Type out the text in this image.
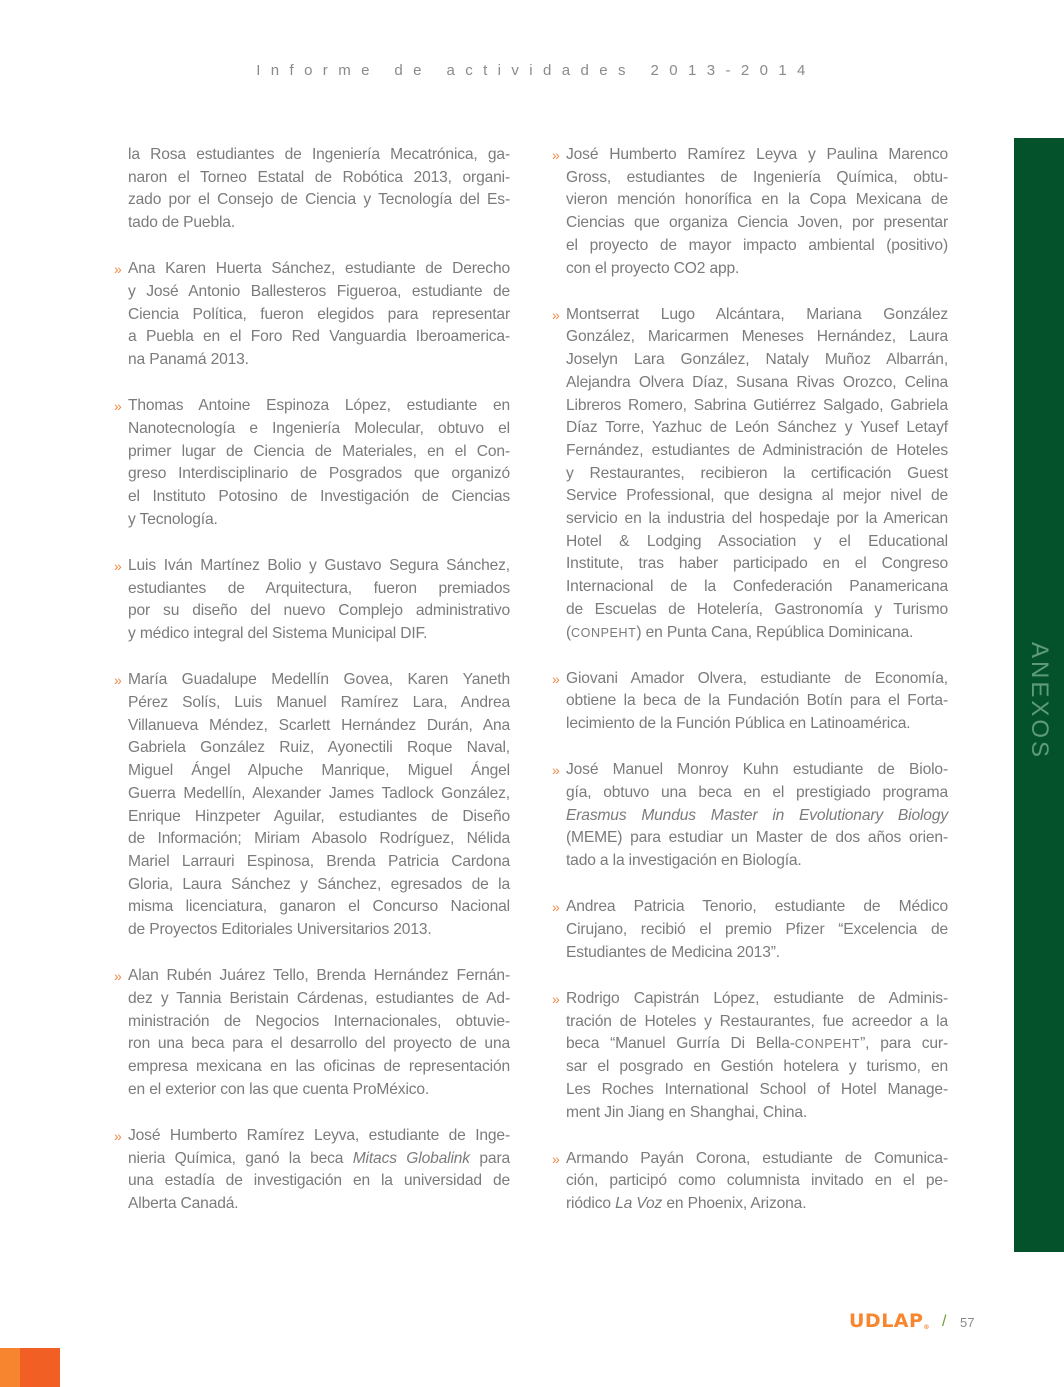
Informe de actividades 2013-2014
la Rosa estudiantes de Ingeniería Mecatrónica, ga-
naron el Torneo Estatal de Robótica 2013, organi-
zado por el Consejo de Ciencia y Tecnología del Es-
tado de Puebla.
» Ana Karen Huerta Sánchez, estudiante de Derecho
y José Antonio Ballesteros Figueroa, estudiante de
Ciencia Política, fueron elegidos para representar
a Puebla en el Foro Red Vanguardia Iberoamerica-
na Panamá 2013.
» Thomas Antoine Espinoza López, estudiante en
Nanotecnología e Ingeniería Molecular, obtuvo el
primer lugar de Ciencia de Materiales, en el Con-
greso Interdisciplinario de Posgrados que organizó
el Instituto Potosino de Investigación de Ciencias
y Tecnología.
» Luis Iván Martínez Bolio y Gustavo Segura Sánchez,
estudiantes de Arquitectura, fueron premiados
por su diseño del nuevo Complejo administrativo
y médico integral del Sistema Municipal DIF.
» María Guadalupe Medellín Govea, Karen Yaneth
Pérez Solís, Luis Manuel Ramírez Lara, Andrea
Villanueva Méndez, Scarlett Hernández Durán, Ana
Gabriela González Ruiz, Ayonectili Roque Naval,
Miguel Ángel Alpuche Manrique, Miguel Ángel
Guerra Medellín, Alexander James Tadlock González,
Enrique Hinzpeter Aguilar, estudiantes de Diseño
de Información; Miriam Abasolo Rodríguez, Nélida
Mariel Larrauri Espinosa, Brenda Patricia Cardona
Gloria, Laura Sánchez y Sánchez, egresados de la
misma licenciatura, ganaron el Concurso Nacional
de Proyectos Editoriales Universitarios 2013.
» Alan Rubén Juárez Tello, Brenda Hernández Fernán-
dez y Tannia Beristain Cárdenas, estudiantes de Ad-
ministración de Negocios Internacionales, obtuvie-
ron una beca para el desarrollo del proyecto de una
empresa mexicana en las oficinas de representación
en el exterior con las que cuenta ProMéxico.
» José Humberto Ramírez Leyva, estudiante de Inge-
nieria Química, ganó la beca Mitacs Globalink para
una estadía de investigación en la universidad de
Alberta Canadá.
» José Humberto Ramírez Leyva y Paulina Marenco
Gross, estudiantes de Ingeniería Química, obtu-
vieron mención honorífica en la Copa Mexicana de
Ciencias que organiza Ciencia Joven, por presentar
el proyecto de mayor impacto ambiental (positivo)
con el proyecto CO2 app.
» Montserrat Lugo Alcántara, Mariana González
González, Maricarmen Meneses Hernández, Laura
Joselyn Lara González, Nataly Muñoz Albarrán,
Alejandra Olvera Díaz, Susana Rivas Orozco, Celina
Libreros Romero, Sabrina Gutiérrez Salgado, Gabriela
Díaz Torre, Yazhuc de León Sánchez y Yusef Letayf
Fernández, estudiantes de Administración de Hoteles
y Restaurantes, recibieron la certificación Guest
Service Professional, que designa al mejor nivel de
servicio en la industria del hospedaje por la American
Hotel & Lodging Association y el Educational
Institute, tras haber participado en el Congreso
Internacional de la Confederación Panamericana
de Escuelas de Hotelería, Gastronomía y Turismo
(CONPEHT) en Punta Cana, República Dominicana.
» Giovani Amador Olvera, estudiante de Economía,
obtiene la beca de la Fundación Botín para el Forta-
lecimiento de la Función Pública en Latinoamérica.
» José Manuel Monroy Kuhn estudiante de Biolo-
gía, obtuvo una beca en el prestigiado programa
Erasmus Mundus Master in Evolutionary Biology
(MEME) para estudiar un Master de dos años orien-
tado a la investigación en Biología.
» Andrea Patricia Tenorio, estudiante de Médico
Cirujano, recibió el premio Pfizer “Excelencia de
Estudiantes de Medicina 2013”.
» Rodrigo Capistrán López, estudiante de Adminis-
tración de Hoteles y Restaurantes, fue acreedor a la
beca “Manuel Gurría Di Bella-CONPEHT”, para cur-
sar el posgrado en Gestión hotelera y turismo, en
Les Roches International School of Hotel Manage-
ment Jin Jiang en Shanghai, China.
» Armando Payán Corona, estudiante de Comunica-
ción, participó como columnista invitado en el pe-
riódico La Voz en Phoenix, Arizona.
ANEXOS
UDLAP® / 57
